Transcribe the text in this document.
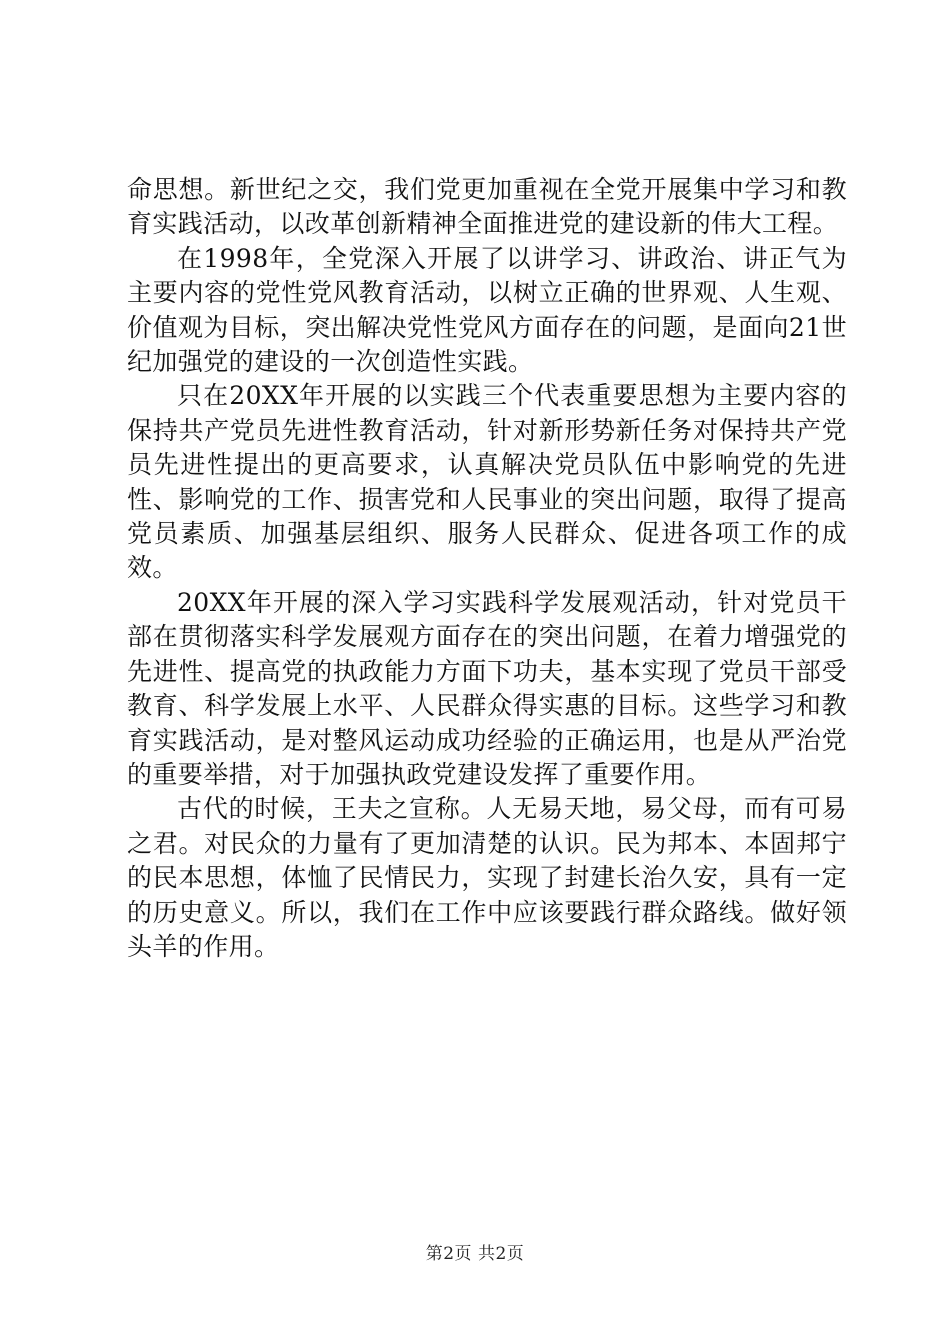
命思想。新世纪之交，我们党更加重视在全党开展集中学习和教育实践活动，以改革创新精神全面推进党的建设新的伟大工程。

在1998年，全党深入开展了以讲学习、讲政治、讲正气为主要内容的党性党风教育活动，以树立正确的世界观、人生观、价值观为目标，突出解决党性党风方面存在的问题，是面向21世纪加强党的建设的一次创造性实践。

只在20XX年开展的以实践三个代表重要思想为主要内容的保持共产党员先进性教育活动，针对新形势新任务对保持共产党员先进性提出的更高要求，认真解决党员队伍中影响党的先进性、影响党的工作、损害党和人民事业的突出问题，取得了提高党员素质、加强基层组织、服务人民群众、促进各项工作的成效。

20XX年开展的深入学习实践科学发展观活动，针对党员干部在贯彻落实科学发展观方面存在的突出问题，在着力增强党的先进性、提高党的执政能力方面下功夫，基本实现了党员干部受教育、科学发展上水平、人民群众得实惠的目标。这些学习和教育实践活动，是对整风运动成功经验的正确运用，也是从严治党的重要举措，对于加强执政党建设发挥了重要作用。

古代的时候，王夫之宣称。人无易天地，易父母，而有可易之君。对民众的力量有了更加清楚的认识。民为邦本、本固邦宁的民本思想，体恤了民情民力，实现了封建长治久安，具有一定的历史意义。所以，我们在工作中应该要践行群众路线。做好领头羊的作用。

第2页 共2页
